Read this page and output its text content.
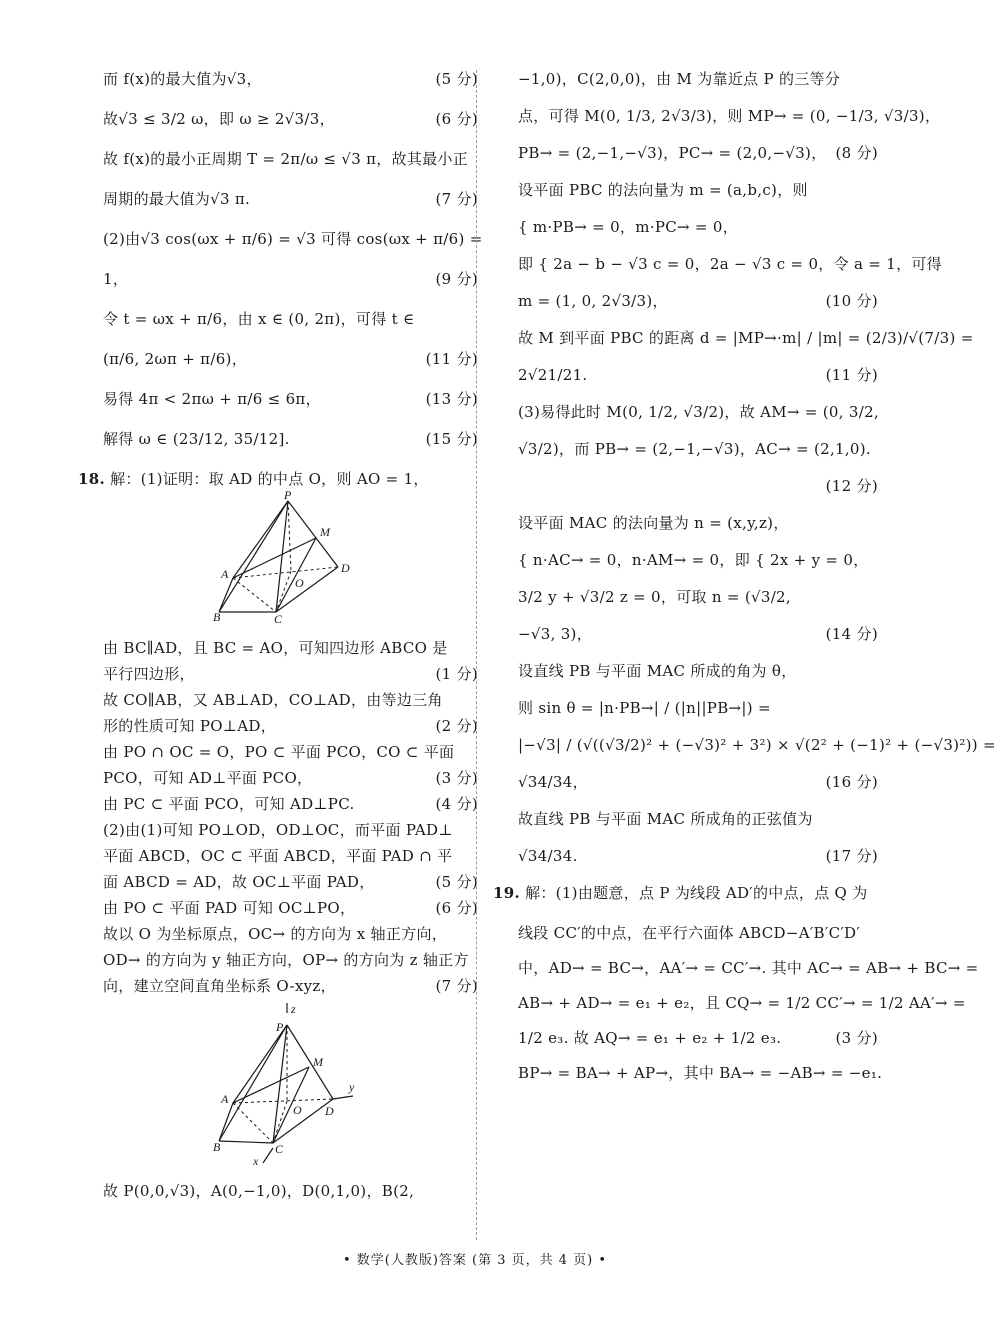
而 f(x)的最大值为√3，	(5 分)
故√3 ≤ 3/2 ω，即 ω ≥ 2√3/3，	(6 分)
故 f(x)的最小正周期 T = 2π/ω ≤ √3 π，故其最小正
周期的最大值为√3 π.	(7 分)
(2)由√3 cos(ωx + π/6) = √3 可得 cos(ωx + π/6) =
1，	(9 分)
令 t = ωx + π/6，由 x ∈ (0, 2π)，可得 t ∈
(π/6, 2ωπ + π/6)，	(11 分)
易得 4π < 2πω + π/6 ≤ 6π，	(13 分)
解得 ω ∈ (23/12, 35/12].	(15 分)
18. 解：(1)证明：取 AD 的中点 O，则 AO = 1，
P
M
A
O
D
B	C
由 BC∥AD，且 BC = AO，可知四边形 ABCO 是
平行四边形，	(1 分)
故 CO∥AB，又 AB⊥AD，CO⊥AD，由等边三角
形的性质可知 PO⊥AD，	(2 分)
由 PO ∩ OC = O，PO ⊂ 平面 PCO，CO ⊂ 平面
PCO，可知 AD⊥平面 PCO，	(3 分)
由 PC ⊂ 平面 PCO，可知 AD⊥PC.	(4 分)
(2)由(1)可知 PO⊥OD，OD⊥OC，而平面 PAD⊥
平面 ABCD，OC ⊂ 平面 ABCD，平面 PAD ∩ 平
面 ABCD = AD，故 OC⊥平面 PAD，	(5 分)
由 PO ⊂ 平面 PAD 可知 OC⊥PO，	(6 分)
故以 O 为坐标原点，OC→ 的方向为 x 轴正方向，
OD→ 的方向为 y 轴正方向，OP→ 的方向为 z 轴正方
向，建立空间直角坐标系 O-xyz，	(7 分)
z
P
M
A
O D
y
B	C
x
故 P(0,0,√3)，A(0,−1,0)，D(0,1,0)，B(2,
−1,0)，C(2,0,0)，由 M 为靠近点 P 的三等分
点，可得 M(0, 1/3, 2√3/3)，则 MP→ = (0, −1/3, √3/3)，
PB→ = (2,−1,−√3)，PC→ = (2,0,−√3)， (8 分)
设平面 PBC 的法向量为 m = (a,b,c)，则
{ m·PB→ = 0，m·PC→ = 0，
即 { 2a − b − √3 c = 0，2a − √3 c = 0，令 a = 1，可得
m = (1, 0, 2√3/3)，	(10 分)
故 M 到平面 PBC 的距离 d = |MP→·m| / |m| = (2/3)/√(7/3) =
2√21/21.	(11 分)
(3)易得此时 M(0, 1/2, √3/2)，故 AM→ = (0, 3/2,
√3/2)，而 PB→ = (2,−1,−√3)，AC→ = (2,1,0).
(12 分)
设平面 MAC 的法向量为 n = (x,y,z)，
{ n·AC→ = 0，n·AM→ = 0，即 { 2x + y = 0，
3/2 y + √3/2 z = 0，可取 n = (√3/2,
−√3, 3)，	(14 分)
设直线 PB 与平面 MAC 所成的角为 θ，
则 sin θ = |n·PB→| / (|n||PB→|) =
|−√3| / (√((√3/2)² + (−√3)² + 3²) × √(2² + (−1)² + (−√3)²)) =
√34/34，	(16 分)
故直线 PB 与平面 MAC 所成角的正弦值为
√34/34.	(17 分)
19. 解：(1)由题意，点 P 为线段 AD′的中点，点 Q 为
线段 CC′的中点，在平行六面体 ABCD−A′B′C′D′
中，AD→ = BC→，AA′→ = CC′→. 其中 AC→ = AB→ + BC→ =
AB→ + AD→ = e₁ + e₂，且 CQ→ = 1/2 CC′→ = 1/2 AA′→ =
1/2 e₃. 故 AQ→ = e₁ + e₂ + 1/2 e₃.	(3 分)
BP→ = BA→ + AP→，其中 BA→ = −AB→ = −e₁.
• 数学(人教版)答案 (第 3 页，共 4 页) •
